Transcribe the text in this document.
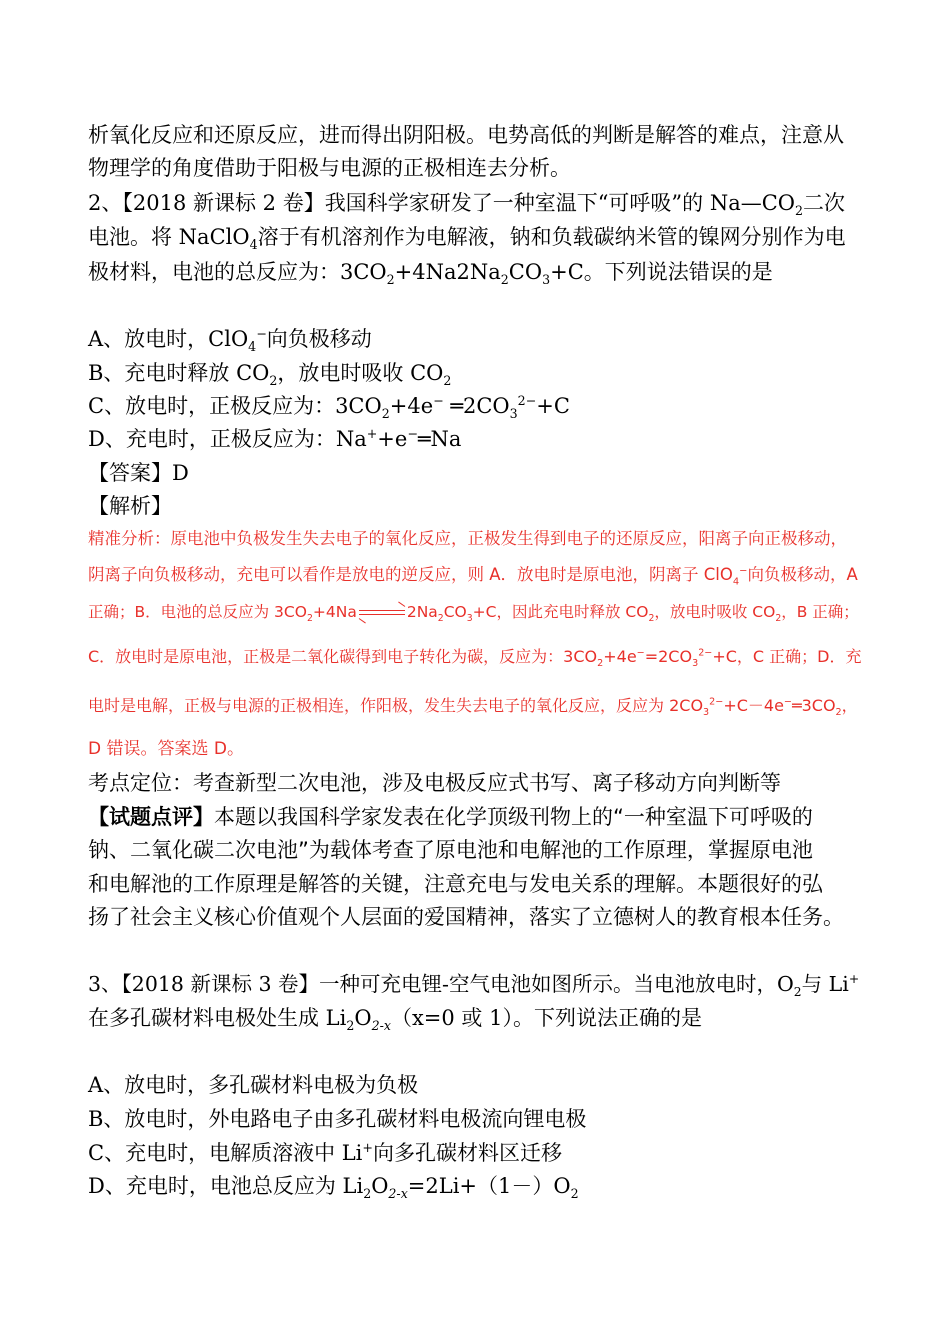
析氧化反应和还原反应，进而得出阴阳极。电势高低的判断是解答的难点，注意从
物理学的角度借助于阳极与电源的正极相连去分析。
2、【2018 新课标 2 卷】我国科学家研发了一种室温下“可呼吸”的 $Na—CO_2$二次
电池。将 NaClO$_4$溶于有机溶剂作为电解液，钠和负载碳纳米管的镍网分别作为电
极材料，电池的总反应为：$3CO_2+4Na2Na_2CO_3+C$。下列说法错误的是
A、放电时，ClO$_4$−向负极移动
B、充电时释放 $CO_2$，放电时吸收 $CO_2$
C、放电时，正极反应为：$3CO_2+4e^-$ $═2CO_3^{2-}+C$
D、充电时，正极反应为：Na++e−═Na
【答案】D
【解析】
精准分析：原电池中负极发生失去电子的氧化反应，正极发生得到电子的还原反应，阳离子向正极移动，
阴离子向负极移动，充电可以看作是放电的逆反应，则 A．放电时是原电池，阴离子 ClO$_4$−向负极移动，A
正确；B．电池的总反应为 $3CO_2+4Na$	$2Na_2CO_3+C$，因此充电时释放 $CO_2$，放电时吸收 $CO_2$，B 正确；
C．放电时是原电池，正极是二氧化碳得到电子转化为碳，反应为：$3CO_2+4e^-=2CO_3^{2-}+C$，C 正确；D．充
电时是电解，正极与电源的正极相连，作阳极，发生失去电子的氧化反应，反应为 $2CO_3^{2-}+C-4e^-═3CO_2$，
D 错误。答案选 D。
考点定位：考查新型二次电池，涉及电极反应式书写、离子移动方向判断等
【试题点评】本题以我国科学家发表在化学顶级刊物上的“一种室温下可呼吸的
钠、二氧化碳二次电池”为载体考查了原电池和电解池的工作原理，掌握原电池
和电解池的工作原理是解答的关键，注意充电与发电关系的理解。本题很好的弘
扬了社会主义核心价值观个人层面的爱国精神，落实了立德树人的教育根本任务。
3、【2018 新课标 3 卷】一种可充电锂-空气电池如图所示。当电池放电时，$O_2$与 Li+
在多孔碳材料电极处生成 $Li_2O_{2-x}(x=0$ 或 1）。下列说法正确的是
A、放电时，多孔碳材料电极为负极
B、放电时，外电路电子由多孔碳材料电极流向锂电极
C、充电时，电解质溶液中 Li+向多孔碳材料区迁移
D、充电时，电池总反应为 $Li_2O_{2-x}=2Li+(1-)O_2$
